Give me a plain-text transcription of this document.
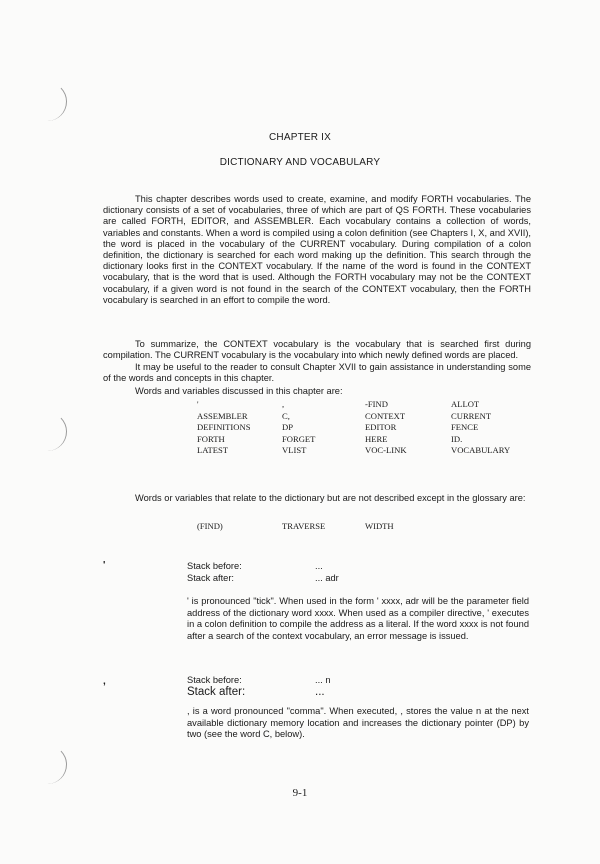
CHAPTER IX
DICTIONARY AND VOCABULARY

This chapter describes words used to create, examine, and modify FORTH vocabularies. The dictionary consists of a set of vocabularies, three of which are part of QS FORTH. These vocabularies are called FORTH, EDITOR, and ASSEMBLER. Each vocabulary contains a collection of words, variables and constants. When a word is compiled using a colon definition (see Chapters I, X, and XVII), the word is placed in the vocabulary of the CURRENT vocabulary. During compilation of a colon definition, the dictionary is searched for each word making up the definition. This search through the dictionary looks first in the CONTEXT vocabulary. If the name of the word is found in the CONTEXT vocabulary, that is the word that is used. Although the FORTH vocabulary may not be the CONTEXT vocabulary, if a given word is not found in the search of the CONTEXT vocabulary, then the FORTH vocabulary is searched in an effort to compile the word.

To summarize, the CONTEXT vocabulary is the vocabulary that is searched first during compilation. The CURRENT vocabulary is the vocabulary into which newly defined words are placed.

It may be useful to the reader to consult Chapter XVII to gain assistance in understanding some of the words and concepts in this chapter.

Words and variables discussed in this chapter are:

'	,	-FIND	ALLOT
ASSEMBLER	C,	CONTEXT	CURRENT
DEFINITIONS	DP	EDITOR	FENCE
FORTH	FORGET	HERE	ID.
LATEST	VLIST	VOC-LINK	VOCABULARY

Words or variables that relate to the dictionary but are not described except in the glossary are:

(FIND)	TRAVERSE	WIDTH
'	Stack before:	...
Stack after:	... adr

' is pronounced "tick". When used in the form ' xxxx, adr will be the parameter field address of the dictionary word xxxx. When used as a compiler directive, ' executes in a colon definition to compile the address as a literal. If the word xxxx is not found after a search of the context vocabulary, an error message is issued.

,	Stack before:	... n
Stack after:	...

, is a word pronounced "comma". When executed, , stores the value n at the next available dictionary memory location and increases the dictionary pointer (DP) by two (see the word C, below).

9-1
